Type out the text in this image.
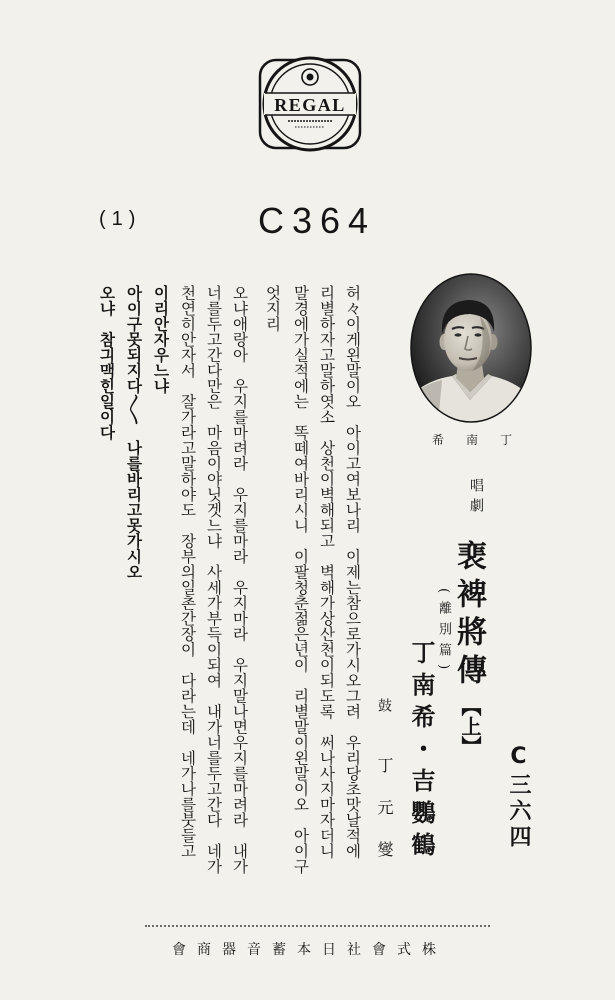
REGAL
(1)	C364
丁南希
唱劇
裵裨將傳
【上】
(離別篇)
C三六四
丁南希・吉鸚鶴
鼓
丁元燮
허々이게왼말이오　아이고여보나리　이제는참으로가시오그려　우리당초맛날적에
리별하자고말하엿소　상천이벽해되고　벽해가상산천이되도록　써나사지마자더니
말경에가실적에는　똑떼여바리시니　이팔청춘젊은년이　리별말이왼말이오　아이구
엇지리
오냐애랑아　우지를마려라　우지를마라　우지마라　우지말나면우지를마려라　내가
너를두고간다만은　마음이야닛겟느냐　사세가부득이되여　내가너를두고간다　네가
천연히안자서　잘가라고말하야도　장부의일촌간장이　다라는데　네가나를붓들고
이리안자우느냐
아이구못되지다〳〵　나를바리고못가시오
오냐　참긔맥힌일이다
株式會社日本蓄音器商會
